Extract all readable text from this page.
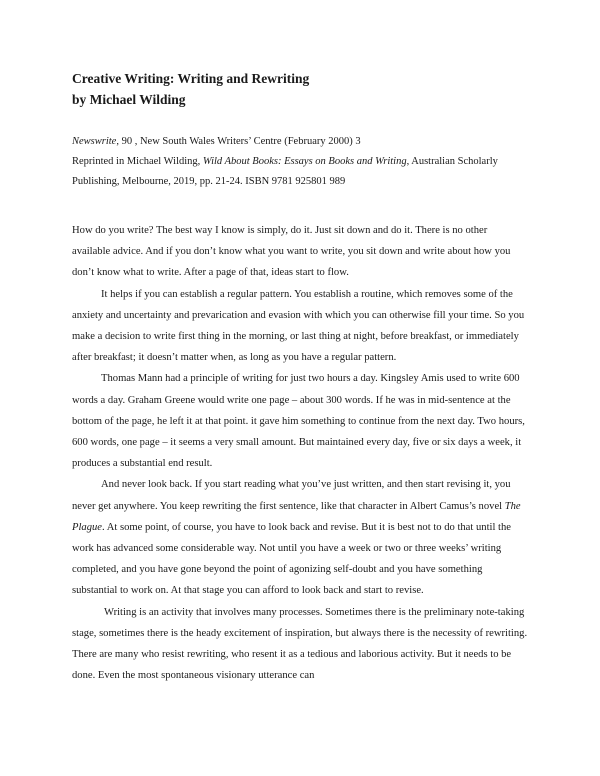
Creative Writing: Writing and Rewriting
by Michael Wilding

Newswrite, 90 , New South Wales Writers’ Centre (February 2000) 3

Reprinted in Michael Wilding, Wild About Books: Essays on Books and Writing, Australian Scholarly Publishing, Melbourne, 2019, pp. 21-24. ISBN 9781 925801 989

How do you write? The best way I know is simply, do it. Just sit down and do it. There is no other available advice. And if you don’t know what you want to write, you sit down and write about how you don’t know what to write. After a page of that, ideas start to flow.

It helps if you can establish a regular pattern. You establish a routine, which removes some of the anxiety and uncertainty and prevarication and evasion with which you can otherwise fill your time. So you make a decision to write first thing in the morning, or last thing at night, before breakfast, or immediately after breakfast; it doesn’t matter when, as long as you have a regular pattern.

Thomas Mann had a principle of writing for just two hours a day. Kingsley Amis used to write 600 words a day. Graham Greene would write one page – about 300 words. If he was in mid-sentence at the bottom of the page, he left it at that point. it gave him something to continue from the next day. Two hours, 600 words, one page – it seems a very small amount. But maintained every day, five or six days a week, it produces a substantial end result.

And never look back. If you start reading what you’ve just written, and then start revising it, you never get anywhere. You keep rewriting the first sentence, like that character in Albert Camus’s novel The Plague. At some point, of course, you have to look back and revise. But it is best not to do that until the work has advanced some considerable way. Not until you have a week or two or three weeks’ writing completed, and you have gone beyond the point of agonizing self-doubt and you have something substantial to work on. At that stage you can afford to look back and start to revise.

Writing is an activity that involves many processes. Sometimes there is the preliminary note-taking stage, sometimes there is the heady excitement of inspiration, but always there is the necessity of rewriting. There are many who resist rewriting, who resent it as a tedious and laborious activity. But it needs to be done. Even the most spontaneous visionary utterance can
